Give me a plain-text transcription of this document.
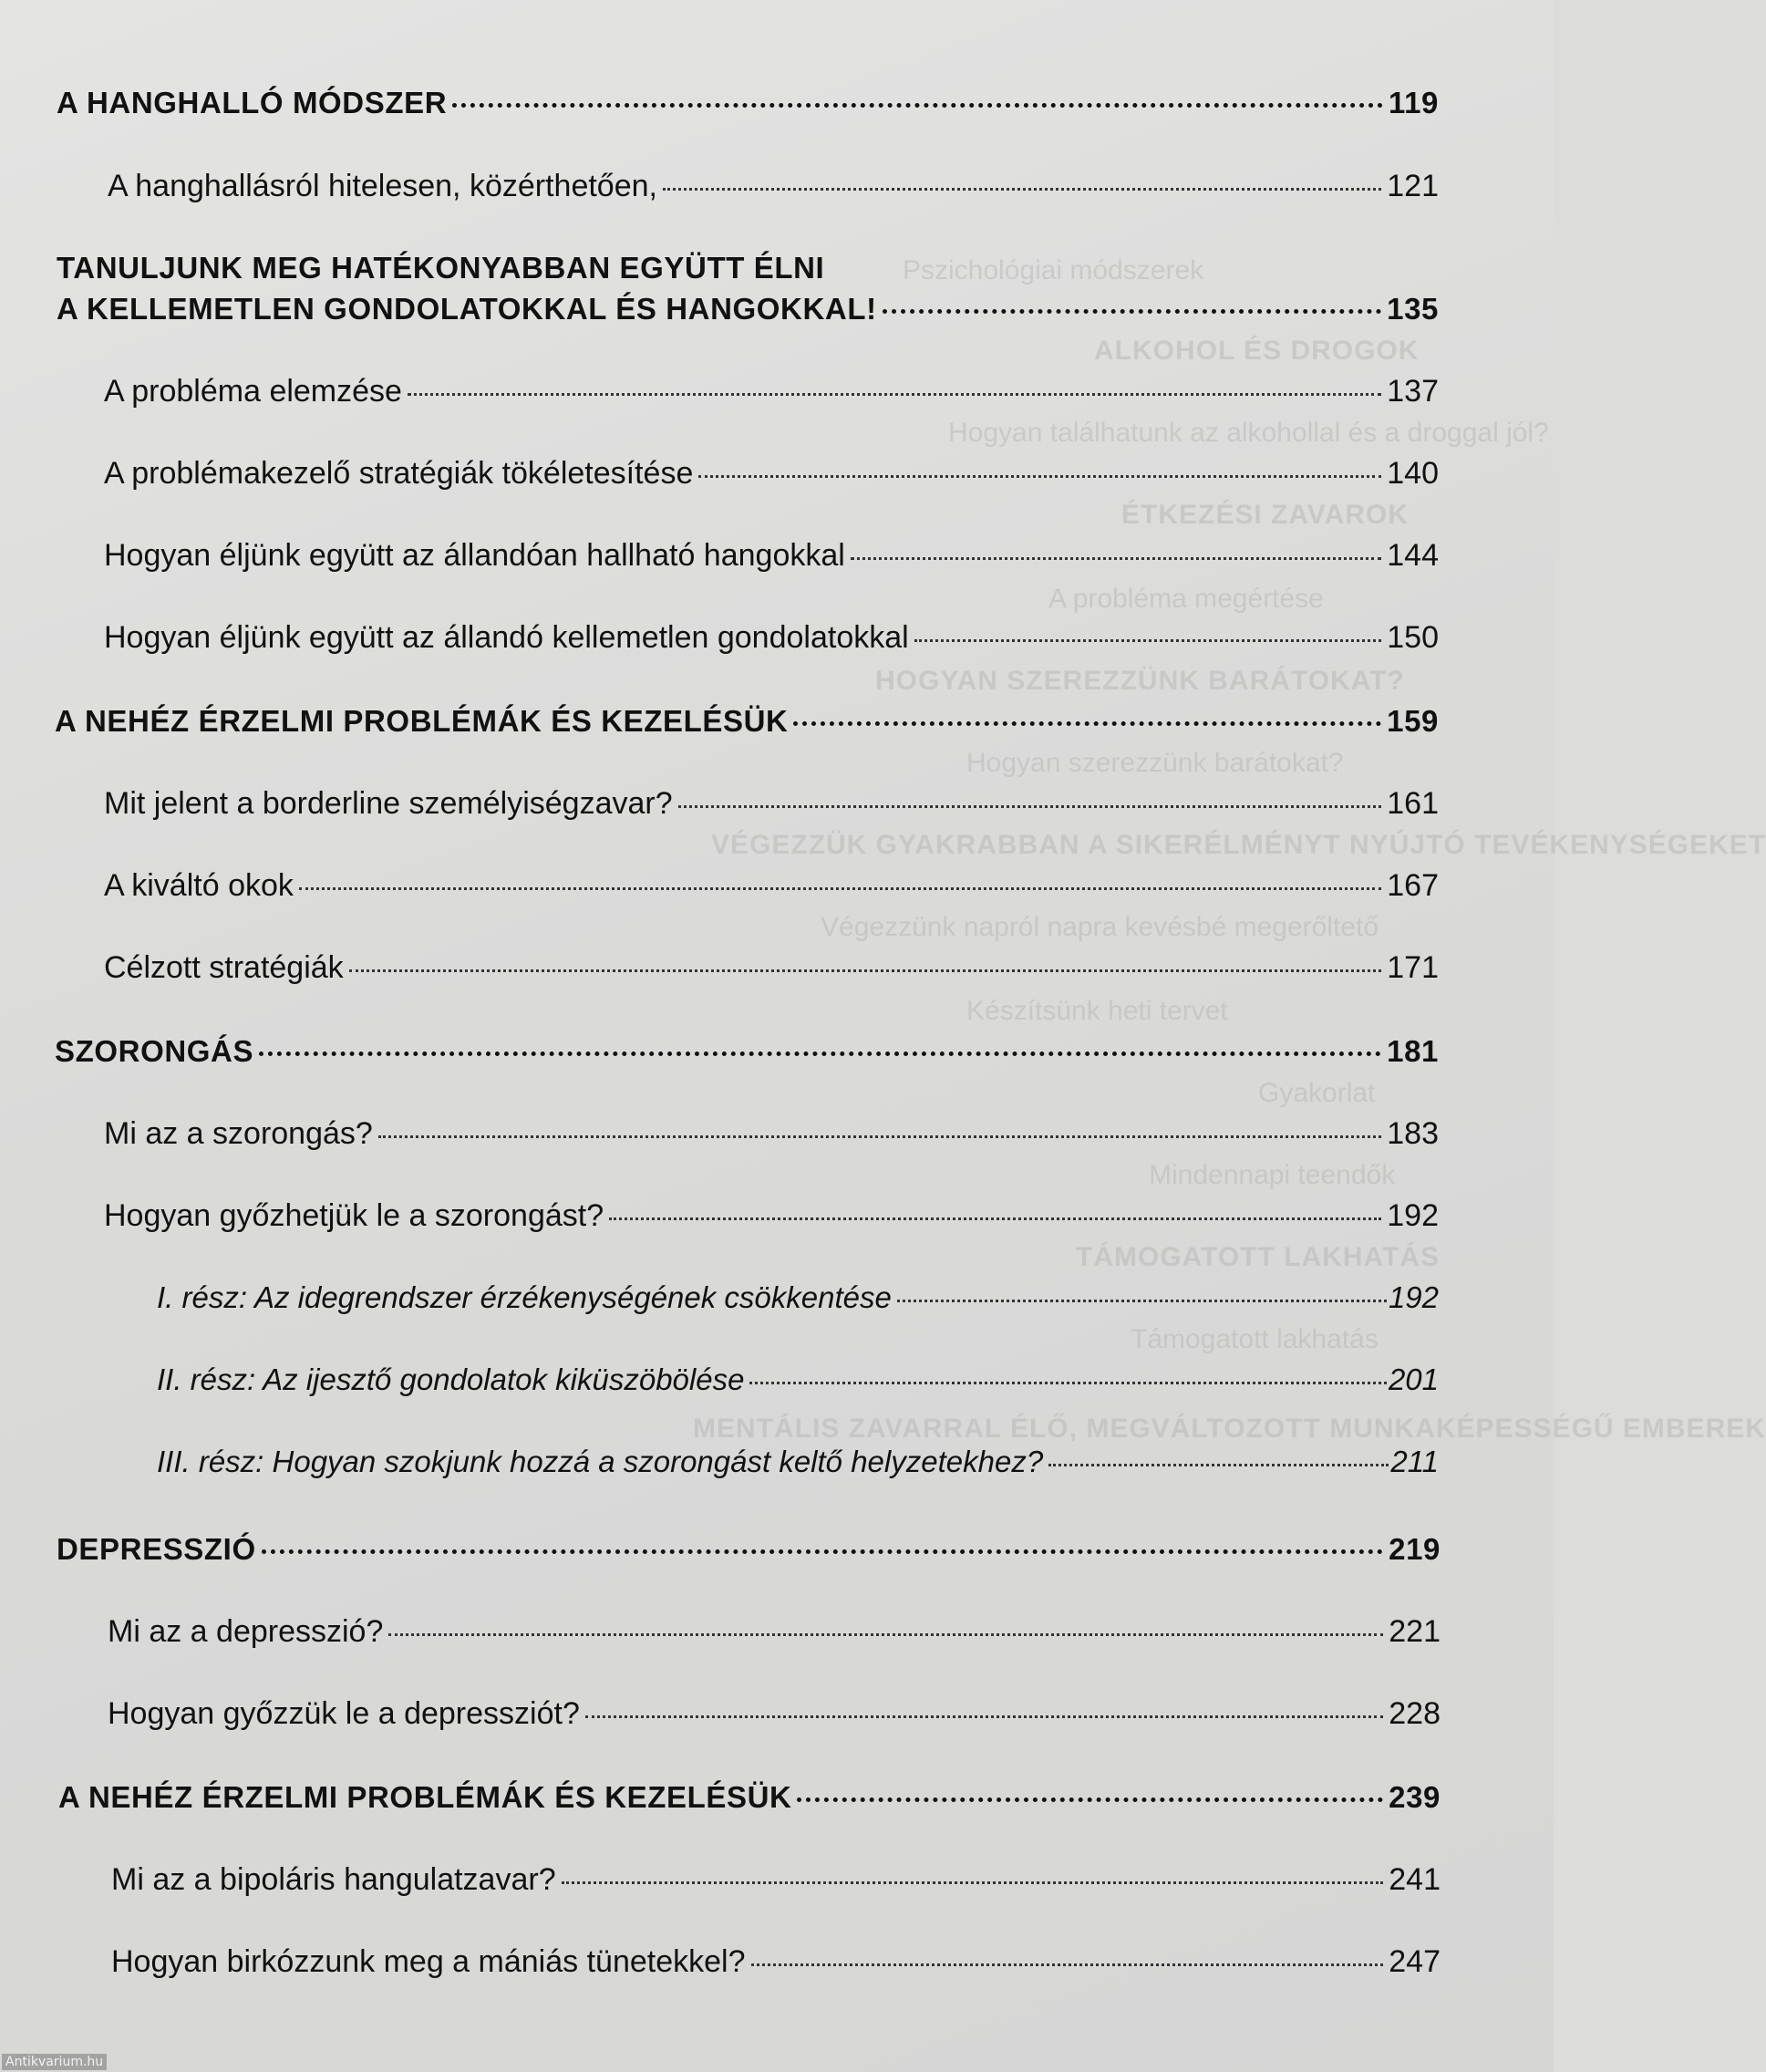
Pszichológiai módszerek
ALKOHOL ÉS DROGOK
Hogyan találhatunk az alkohollal és a droggal jól?
ÉTKEZÉSI ZAVAROK
A probléma megértése
HOGYAN SZEREZZÜNK BARÁTOKAT?
Hogyan szerezzünk barátokat?
VÉGEZZÜK GYAKRABBAN A SIKERÉLMÉNYT NYÚJTÓ TEVÉKENYSÉGEKET
Végezzünk napról napra kevésbé megerőltető
Készítsünk heti tervet
Gyakorlat
Mindennapi teendők
TÁMOGATOTT LAKHATÁS
Támogatott lakhatás
MENTÁLIS ZAVARRAL ÉLŐ, MEGVÁLTOZOTT MUNKAKÉPESSÉGŰ EMBEREK
A HANGHALLÓ MÓDSZER	119
A hanghallásról hitelesen, közérthetően,	121
TANULJUNK MEG HATÉKONYABBAN EGYÜTT ÉLNI
A KELLEMETLEN GONDOLATOKKAL ÉS HANGOKKAL!	135
A probléma elemzése	137
A problémakezelő stratégiák tökéletesítése	140
Hogyan éljünk együtt az állandóan hallható hangokkal	144
Hogyan éljünk együtt az állandó kellemetlen gondolatokkal	150
A NEHÉZ ÉRZELMI PROBLÉMÁK ÉS KEZELÉSÜK	159
Mit jelent a borderline személyiségzavar?	161
A kiváltó okok	167
Célzott stratégiák	171
SZORONGÁS	181
Mi az a szorongás?	183
Hogyan győzhetjük le a szorongást?	192
I. rész: Az idegrendszer érzékenységének csökkentése	192
II. rész: Az ijesztő gondolatok kiküszöbölése	201
III. rész: Hogyan szokjunk hozzá a szorongást keltő helyzetekhez?	211
DEPRESSZIÓ	219
Mi az a depresszió?	221
Hogyan győzzük le a depressziót?	228
A NEHÉZ ÉRZELMI PROBLÉMÁK ÉS KEZELÉSÜK	239
Mi az a bipoláris hangulatzavar?	241
Hogyan birkózzunk meg a mániás tünetekkel?	247
Antikvarium.hu
